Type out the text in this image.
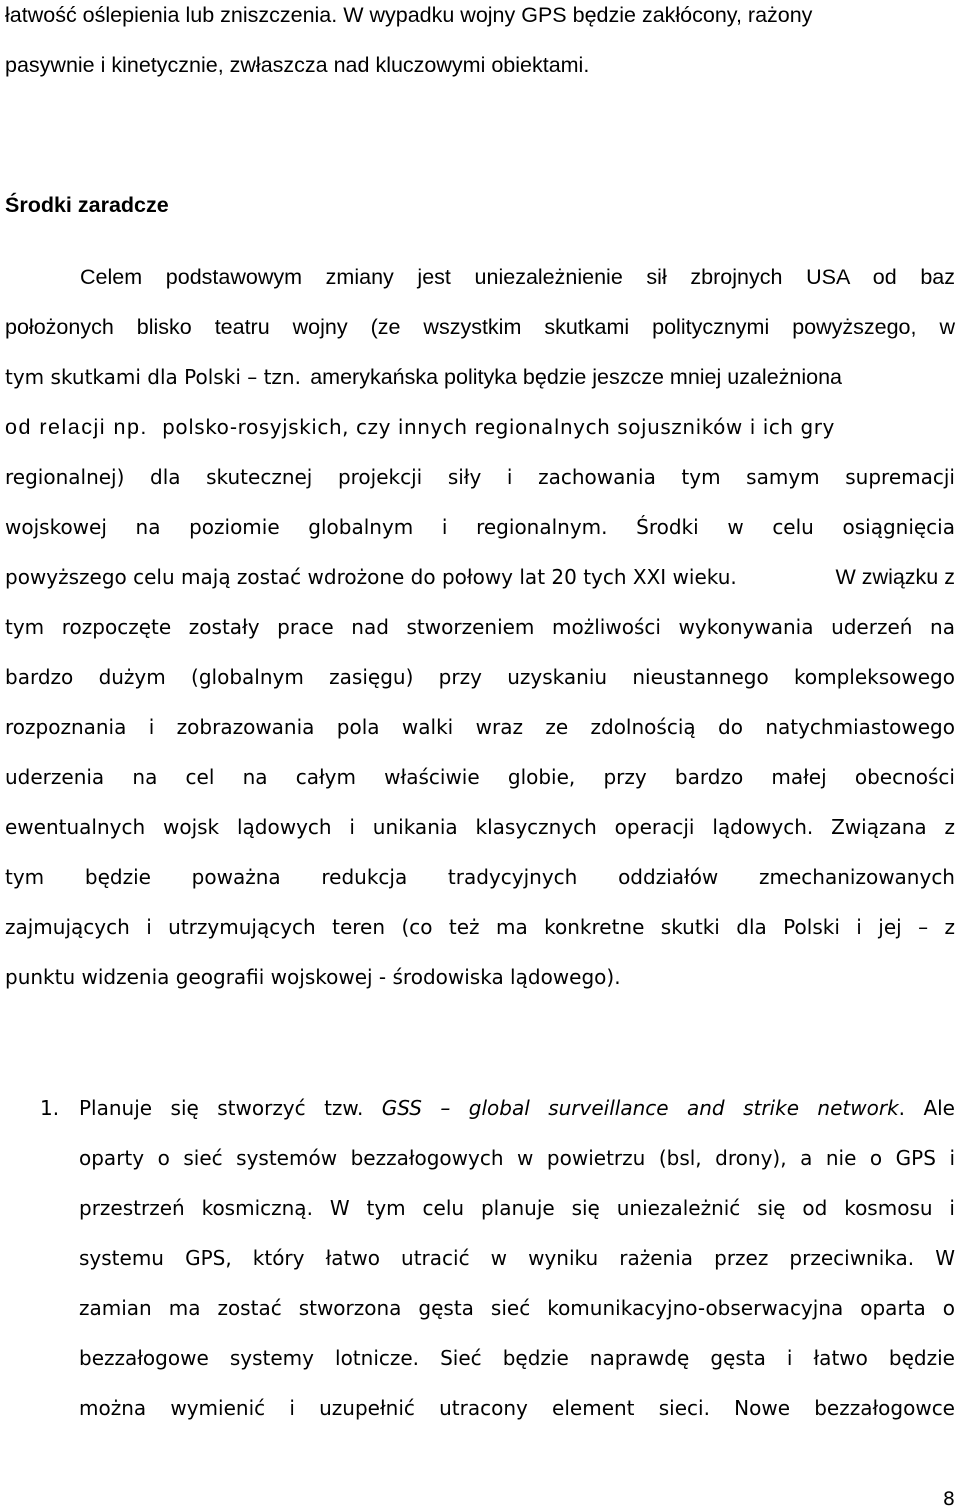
łatwość oślepienia lub zniszczenia. W wypadku wojny GPS będzie zakłócony, rażony
pasywnie i kinetycznie, zwłaszcza nad kluczowymi obiektami.
Środki zaradcze
Celem podstawowym zmiany jest uniezależnienie sił zbrojnych USA od baz
położonych blisko teatru wojny (ze wszystkim skutkami politycznymi powyższego, w
tym skutkami dla Polski – tzn. amerykańska polityka będzie jeszcze mniej uzależniona
od relacji np. polsko-rosyjskich, czy innych regionalnych sojuszników i ich gry
regionalnej) dla skutecznej projekcji siły i zachowania tym samym supremacji
wojskowej na poziomie globalnym i regionalnym. Środki w celu osiągnięcia
powyższego celu mają zostać wdrożone do połowy lat 20 tych XXI wieku.	W związku z
tym rozpoczęte zostały prace nad stworzeniem możliwości wykonywania uderzeń na
bardzo dużym (globalnym zasięgu) przy uzyskaniu nieustannego kompleksowego
rozpoznania i zobrazowania pola walki wraz ze zdolnością do natychmiastowego
uderzenia na cel na całym właściwie globie, przy bardzo małej obecności
ewentualnych wojsk lądowych i unikania klasycznych operacji lądowych. Związana z
tym będzie poważna redukcja tradycyjnych oddziałów zmechanizowanych
zajmujących i utrzymujących teren (co też ma konkretne skutki dla Polski i jej – z
punktu widzenia geografii wojskowej - środowiska lądowego).
1. Planuje się stworzyć tzw. GSS – global surveillance and strike network. Ale
oparty o sieć systemów bezzałogowych w powietrzu (bsl, drony), a nie o GPS i
przestrzeń kosmiczną. W tym celu planuje się uniezależnić się od kosmosu i
systemu GPS, który łatwo utracić w wyniku rażenia przez przeciwnika. W
zamian ma zostać stworzona gęsta sieć komunikacyjno-obserwacyjna oparta o
bezzałogowe systemy lotnicze. Sieć będzie naprawdę gęsta i łatwo będzie
można wymienić i uzupełnić utracony element sieci. Nowe bezzałogowce
8
